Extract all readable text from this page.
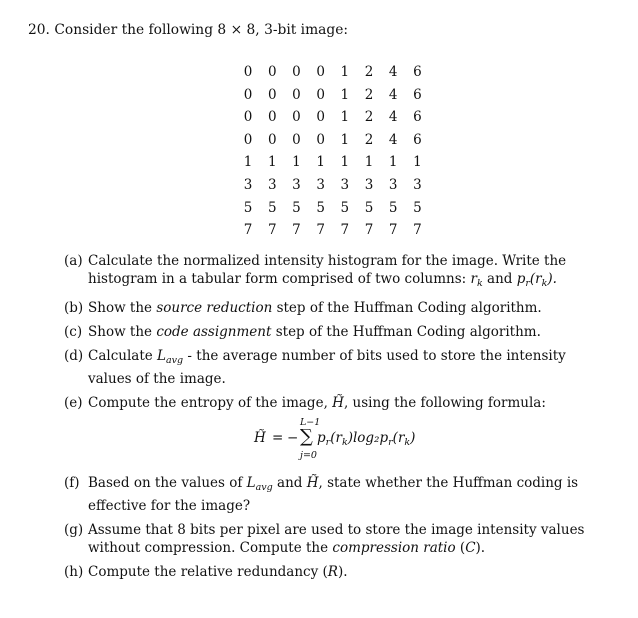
20. Consider the following 8 × 8, 3-bit image:
0	0	0	0	1	2	4	6
0	0	0	0	1	2	4	6
0	0	0	0	1	2	4	6
0	0	0	0	1	2	4	6
1	1	1	1	1	1	1	1
3	3	3	3	3	3	3	3
5	5	5	5	5	5	5	5
7	7	7	7	7	7	7	7
(a) Calculate the normalized intensity histogram for the image. Write the histogram in a tabular form comprised of two columns: $r_k$ and $p_r(r_k)$.
(b) Show the source reduction step of the Huffman Coding algorithm.
(c) Show the code assignment step of the Huffman Coding algorithm.
(d) Calculate $L_{avg}$ - the average number of bits used to store the intensity values of the image.
(e) Compute the entropy of the image, H̃, using the following formula:
H̃ = −
L−1
∑
j=0
$p_r(r_k)\log_2p_r(r_k)$
(f) Based on the values of $L_{avg}$ and H̃, state whether the Huffman coding is effective for the image?
(g) Assume that 8 bits per pixel are used to store the image intensity values without compression. Compute the compression ratio (C).
(h) Compute the relative redundancy (R).
